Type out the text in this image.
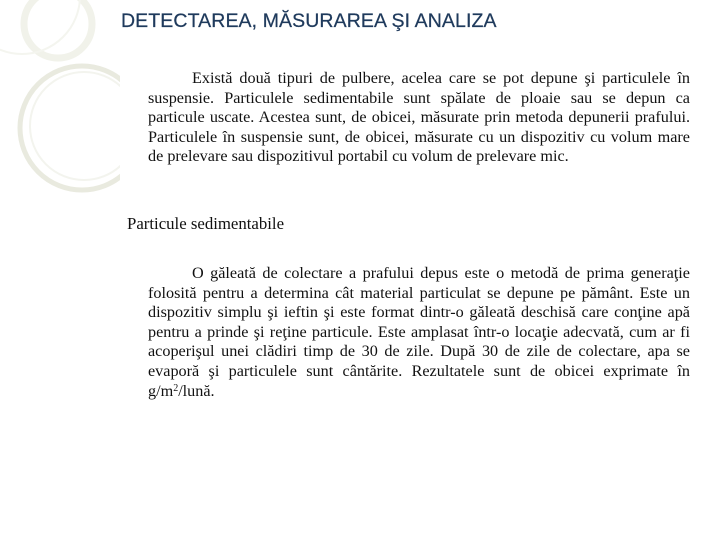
DETECTAREA, MĂSURAREA ŞI ANALIZA

Există două tipuri de pulbere, acelea care se pot depune şi particulele în suspensie. Particulele sedimentabile sunt spălate de ploaie sau se depun ca particule uscate. Acestea sunt, de obicei, măsurate prin metoda depunerii prafului. Particulele în suspensie sunt, de obicei, măsurate cu un dispozitiv cu volum mare de prelevare sau dispozitivul portabil cu volum de prelevare mic.

Particule sedimentabile

O găleată de colectare a prafului depus este o metodă de prima generaţie folosită pentru a determina cât material particulat se depune pe pământ. Este un dispozitiv simplu şi ieftin şi este format dintr-o găleată deschisă care conţine apă pentru a prinde şi reţine particule. Este amplasat într-o locaţie adecvată, cum ar fi acoperişul unei clădiri timp de 30 de zile. După 30 de zile de colectare, apa se evaporă şi particulele sunt cântărite. Rezultatele sunt de obicei exprimate în $g/m^2$/lună.
